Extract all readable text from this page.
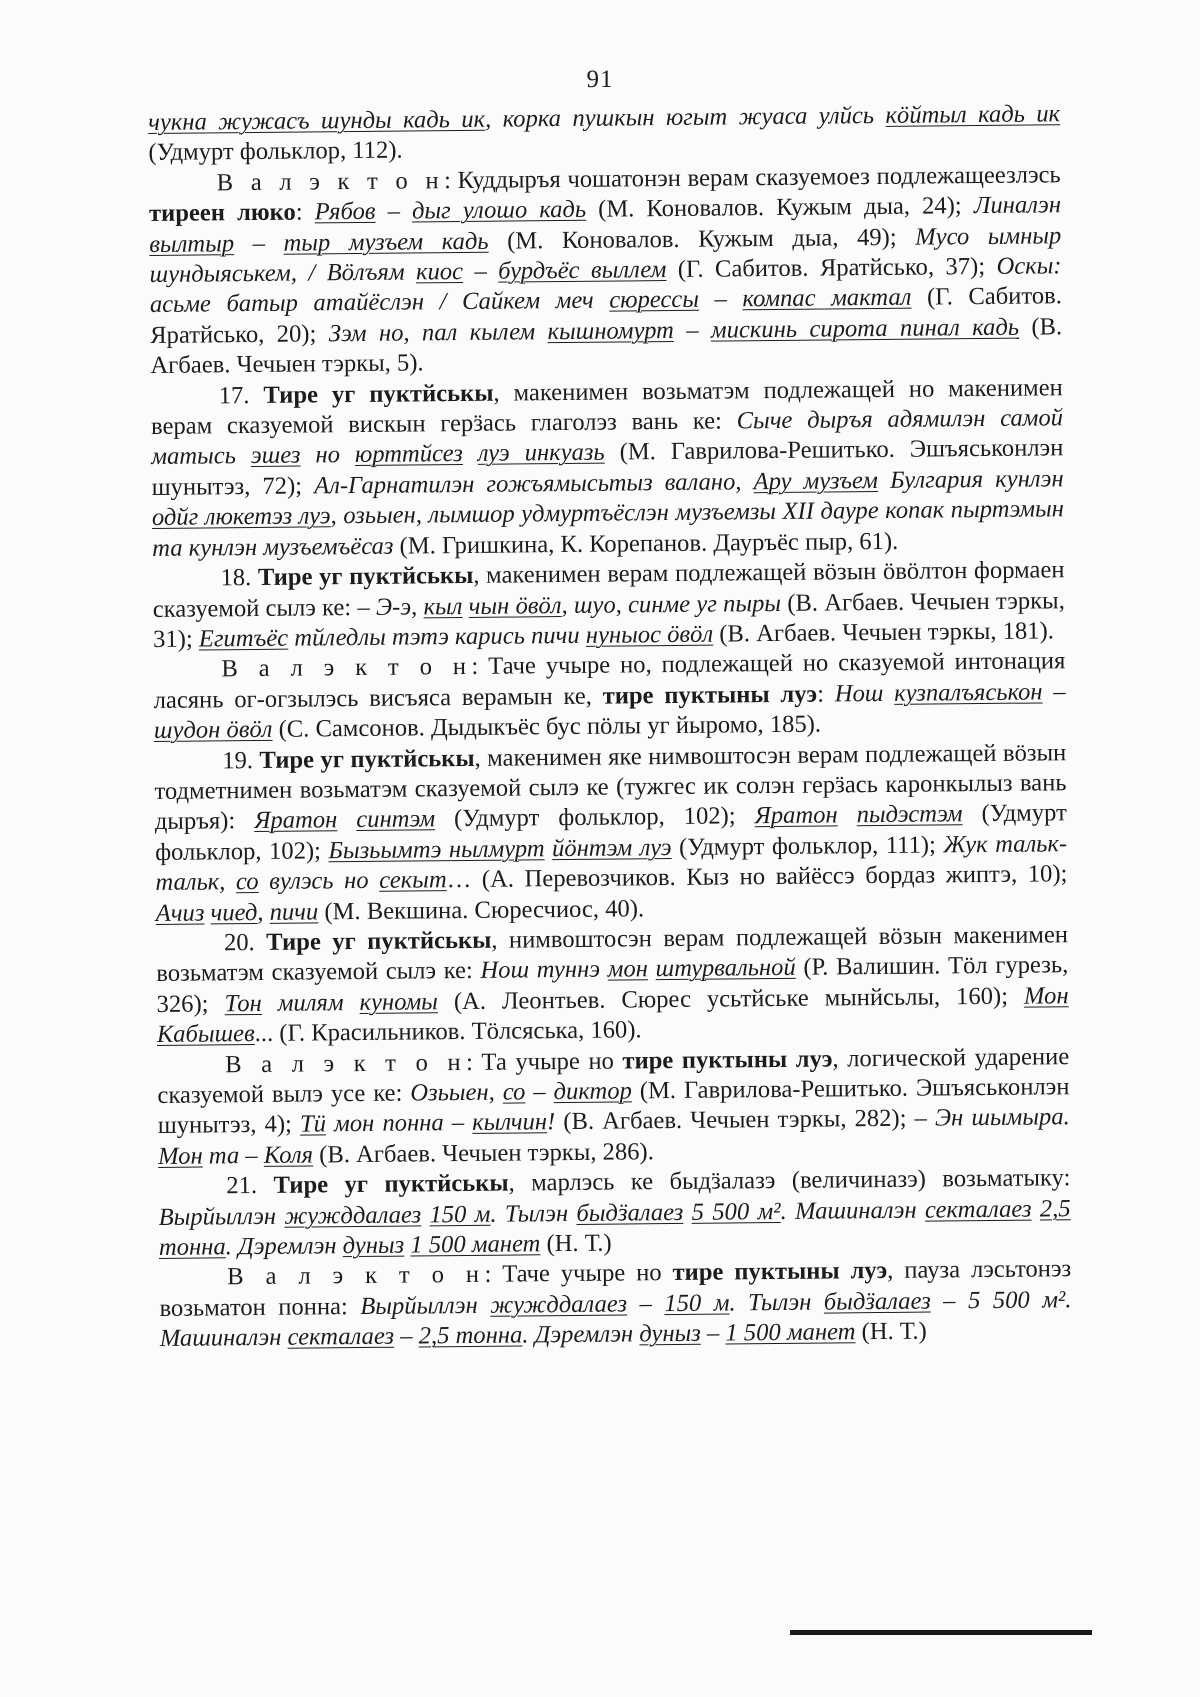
91

чукна жужасъ шунды кадь ик, корка пушкын югыт жуаса улйсь кöйтыл кадь ик (Удмурт фольклор, 112).

В а л э к т о н: Куддыръя чошатонэн верам сказуемоез подлежащеезлэсь тиреен люко: Рябов – дыг улошо кадь (М. Коновалов. Кужым дыа, 24); Линалэн вылтыр – тыр музъем кадь (М. Коновалов. Кужым дыа, 49); Мусо ымныр шундыяськем, / Вöлъям киос – бурдъёс выллем (Г. Сабитов. Яратйсько, 37); Оскы: асьме батыр атайёслэн / Сайкем меч сюрессы – компас мактал (Г. Сабитов. Яратйсько, 20); Зэм но, пал кылем кышномурт – мискинь сирота пинал кадь (В. Агбаев. Чечыен тэркы, 5).

17. Тире уг пуктйськы, макенимен возьматэм подлежащей но макенимен верам сказуемой вискын герӟась глаголэз вань ке: Сыче дыръя адямилэн самой матысь эшез но юрттйсез луэ инкуазь (М. Гаврилова-Решитько. Эшъяськонлэн шунытэз, 72); Ал-Гарнатилэн гожъямысьтыз валано, Ару музъем Булгария кунлэн одйг люкетэз луэ, озьыен, лымшор удмуртъёслэн музъемзы XII дауре копак пыртэмын та кунлэн музъемъёсаз (М. Гришкина, К. Корепанов. Дауръёс пыр, 61).

18. Тире уг пуктйськы, макенимен верам подлежащей вöзын öвöлтон формаен сказуемой сылэ ке: – Э-э, кыл чын öвöл, шуо, синме уг пыры (В. Агбаев. Чечыен тэркы, 31); Егитъёс тйледлы тэтэ карись пичи нуныос öвöл (В. Агбаев. Чечыен тэркы, 181).

В а л э к т о н: Таче учырe но, подлежащей но сказуемой интонация ласянь ог-огзылэсь висъяса верамын ке, тире пуктыны луэ: Нош кузпалъяськон – шудон öвöл (С. Самсонов. Дыдыкъёс бус пöлы уг йыромо, 185).

19. Тире уг пуктйськы, макенимен яке нимвоштосэн верам подлежащей вöзын тодметнимен возьматэм сказуемой сылэ ке (тужгес ик солэн герӟась каронкылыз вань дыръя): Яратон синтэм (Удмурт фольклор, 102); Яратон пыдэстэм (Удмурт фольклор, 102); Бызьымтэ нылмурт йöнтэм луэ (Удмурт фольклор, 111); Жук тальк-тальк, со вулэсь но секыт… (А. Перевозчиков. Кыз но вайёссэ бордаз жиптэ, 10); Ачиз чиед, пичи (М. Векшина. Сюресчиос, 40).

20. Тире уг пуктйськы, нимвоштосэн верам подлежащей вöзын макенимен возьматэм сказуемой сылэ ке: Нош туннэ мон штурвальной (Р. Валишин. Тöл гурезь, 326); Тон милям куномы (А. Леонтьев. Сюрес усьтйське мынйсьлы, 160); Мон Кабышев... (Г. Красильников. Тöлсяська, 160).

В а л э к т о н: Та учырe но тире пуктыны луэ, логической ударение сказуемой вылэ усе ке: Озьыен, со – диктор (М. Гаврилова-Решитько. Эшъяськонлэн шунытэз, 4); Тӥ мон понна – кылчин! (В. Агбаев. Чечыен тэркы, 282); – Эн шымыра. Мон та – Коля (В. Агбаев. Чечыен тэркы, 286).

21. Тире уг пуктйськы, марлэсь ке быдӟалазэ (величиназэ) возьматыку: Вырйыллэн жужддалаез 150 м. Тылэн быдӟалаез 5 500 м². Машиналэн секталаез 2,5 тонна. Дэремлэн дуныз 1 500 манет (Н. Т.)

В а л э к т о н: Таче учырe но тире пуктыны луэ, пауза лэсьтонэз возьматон понна: Вырйыллэн жужддалаез – 150 м. Тылэн быдӟалаез – 5 500 м². Машиналэн секталаез – 2,5 тонна. Дэремлэн дуныз – 1 500 манет (Н. Т.)
